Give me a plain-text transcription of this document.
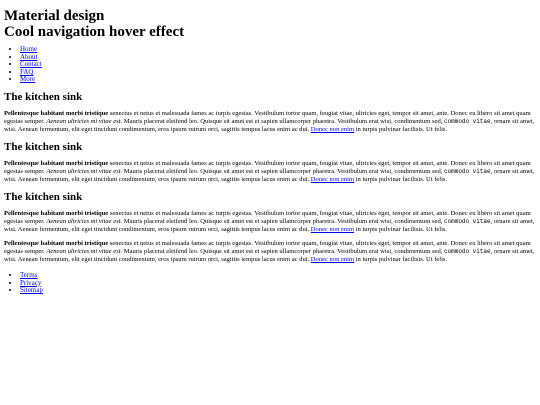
Material design
Cool navigation hover effect
• Home
• About
• Contact
• FAQ
• More
The kitchen sink

Pellentesque habitant morbi tristique senectus et netus et malesuada fames ac turpis egestas. Vestibulum tortor quam, feugiat vitae, ultricies eget, tempor sit amet, ante. Donec eu libero sit amet quam egestas semper. Aenean ultricies mi vitae est. Mauris placerat eleifend leo. Quisque sit amet est et sapien ullamcorper pharetra. Vestibulum erat wisi, condimentum sed, commodo vitae, ornare sit amet, wisi. Aenean fermentum, elit eget tincidunt condimentum, eros ipsum rutrum orci, sagittis tempus lacus enim ac dui. Donec non enim in turpis pulvinar facilisis. Ut felis.

The kitchen sink

Pellentesque habitant morbi tristique senectus et netus et malesuada fames ac turpis egestas. Vestibulum tortor quam, feugiat vitae, ultricies eget, tempor sit amet, ante. Donec eu libero sit amet quam egestas semper. Aenean ultricies mi vitae est. Mauris placerat eleifend leo. Quisque sit amet est et sapien ullamcorper pharetra. Vestibulum erat wisi, condimentum sed, commodo vitae, ornare sit amet, wisi. Aenean fermentum, elit eget tincidunt condimentum, eros ipsum rutrum orci, sagittis tempus lacus enim ac dui. Donec non enim in turpis pulvinar facilisis. Ut felis.

The kitchen sink

Pellentesque habitant morbi tristique senectus et netus et malesuada fames ac turpis egestas. Vestibulum tortor quam, feugiat vitae, ultricies eget, tempor sit amet, ante. Donec eu libero sit amet quam egestas semper. Aenean ultricies mi vitae est. Mauris placerat eleifend leo. Quisque sit amet est et sapien ullamcorper pharetra. Vestibulum erat wisi, condimentum sed, commodo vitae, ornare sit amet, wisi. Aenean fermentum, elit eget tincidunt condimentum, eros ipsum rutrum orci, sagittis tempus lacus enim ac dui. Donec non enim in turpis pulvinar facilisis. Ut felis.

Pellentesque habitant morbi tristique senectus et netus et malesuada fames ac turpis egestas. Vestibulum tortor quam, feugiat vitae, ultricies eget, tempor sit amet, ante. Donec eu libero sit amet quam egestas semper. Aenean ultricies mi vitae est. Mauris placerat eleifend leo. Quisque sit amet est et sapien ullamcorper pharetra. Vestibulum erat wisi, condimentum sed, commodo vitae, ornare sit amet, wisi. Aenean fermentum, elit eget tincidunt condimentum, eros ipsum rutrum orci, sagittis tempus lacus enim ac dui. Donec non enim in turpis pulvinar facilisis. Ut felis.

• Terms
• Privacy
• Sitemap
